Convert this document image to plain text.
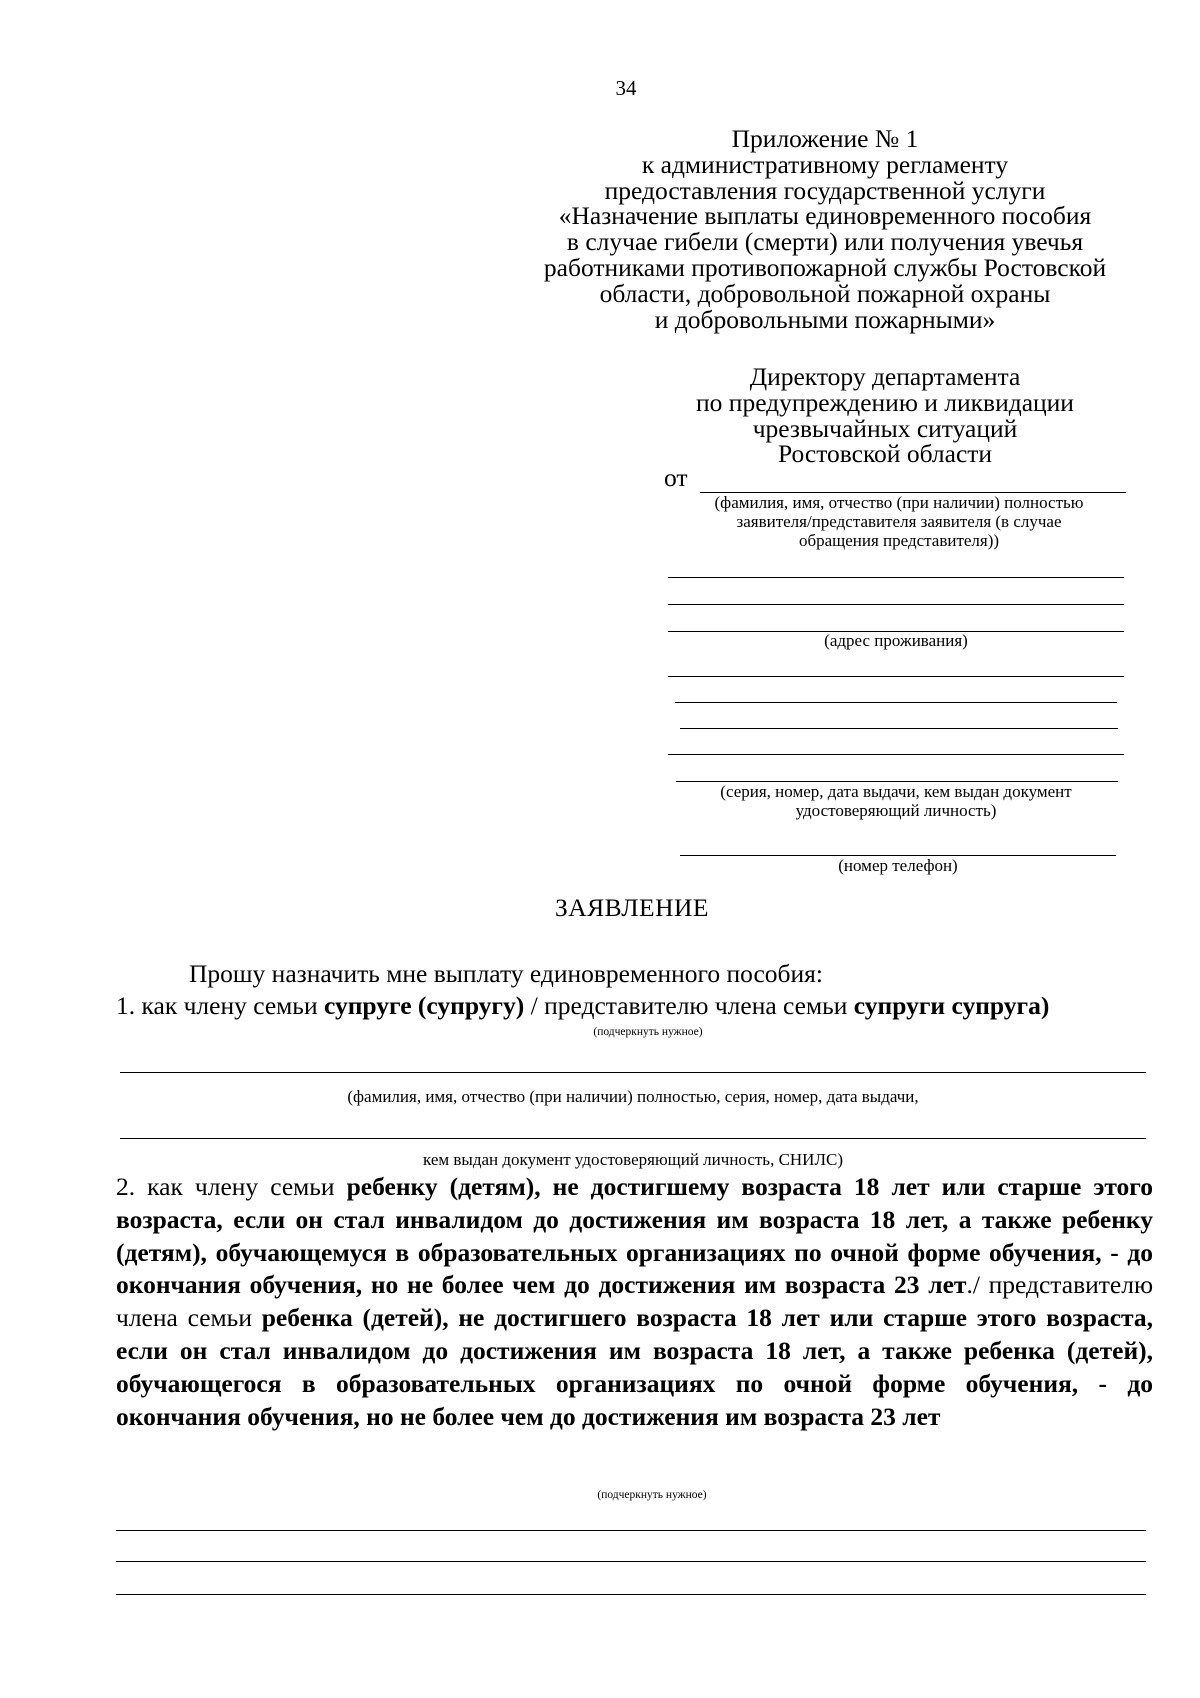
34
Приложение № 1
к административному регламенту
предоставления государственной услуги
«Назначение выплаты единовременного пособия
в случае гибели (смерти) или получения увечья
работниками противопожарной службы Ростовской
области, добровольной пожарной охраны
и добровольными пожарными»
Директору департамента
по предупреждению и ликвидации
чрезвычайных ситуаций
Ростовской области
от
(фамилия, имя, отчество (при наличии) полностью
заявителя/представителя заявителя (в случае
обращения представителя))
(адрес проживания)
(серия, номер, дата выдачи, кем выдан документ
удостоверяющий личность)
(номер телефон)
ЗАЯВЛЕНИЕ
Прошу назначить мне выплату единовременного пособия:
1. как члену семьи супруге (супругу) / представителю члена семьи супруги супруга)
(подчеркнуть нужное)
(фамилия, имя, отчество (при наличии) полностью, серия, номер, дата выдачи,
кем выдан документ удостоверяющий личность, СНИЛС)
2. как члену семьи ребенку (детям), не достигшему возраста 18 лет или старше этого возраста, если он стал инвалидом до достижения им возраста 18 лет, а также ребенку (детям), обучающемуся в образовательных организациях по очной форме обучения, - до окончания обучения, но не более чем до достижения им возраста 23 лет./ представителю члена семьи ребенка (детей), не достигшего возраста 18 лет или старше этого возраста, если он стал инвалидом до достижения им возраста 18 лет, а также ребенка (детей), обучающегося в образовательных организациях по очной форме обучения, - до окончания обучения, но не более чем до достижения им возраста 23 лет
(подчеркнуть нужное)
